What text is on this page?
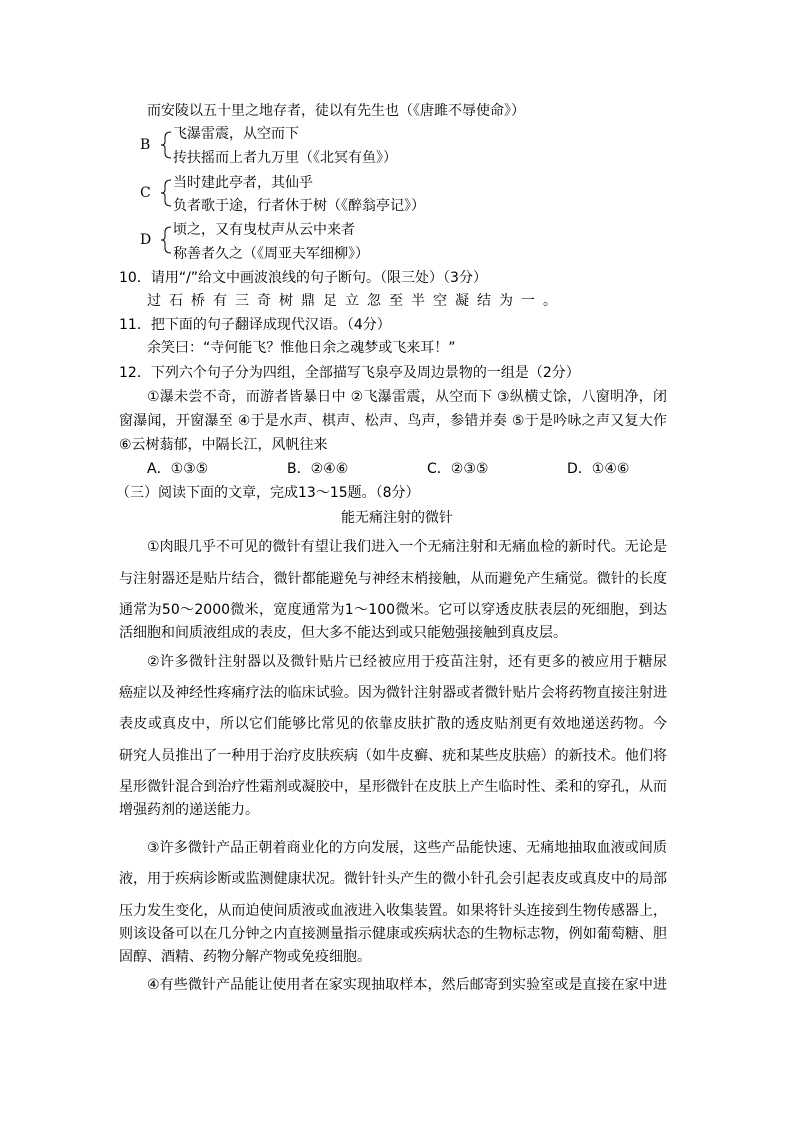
而安陵以五十里之地存者，徒以有先生也（《唐雎不辱使命》）
B
飞瀑雷震，从空而下
抟扶摇而上者九万里（《北冥有鱼》）
C
当时建此亭者，其仙乎
负者歌于途，行者休于树（《醉翁亭记》）
D
顷之，又有曳杖声从云中来者
称善者久之（《周亚夫军细柳》）
10．请用“/”给文中画波浪线的句子断句。（限三处）（3分）
过石桥有三奇树鼎足立忽至半空凝结为一。
11．把下面的句子翻译成现代汉语。（4分）
余笑曰：“寺何能飞？惟他日余之魂梦或飞来耳！”
12．下列六个句子分为四组，全部描写飞泉亭及周边景物的一组是（2分）
①瀑未尝不奇，而游者皆暴日中 ②飞瀑雷震，从空而下 ③纵横丈馀，八窗明净，闭
窗瀑闻，开窗瀑至 ④于是水声、棋声、松声、鸟声，参错并奏 ⑤于是吟咏之声又复大作
⑥云树蓊郁，中隔长江，风帆往来
A．①③⑤	B．②④⑥	C．②③⑤	D．①④⑥
（三）阅读下面的文章，完成13～15题。（8分）
能无痛注射的微针
①肉眼几乎不可见的微针有望让我们进入一个无痛注射和无痛血检的新时代。无论是
与注射器还是贴片结合，微针都能避免与神经末梢接触，从而避免产生痛觉。微针的长度
通常为50～2000微米，宽度通常为1～100微米。它可以穿透皮肤表层的死细胞，到达
活细胞和间质液组成的表皮，但大多不能达到或只能勉强接触到真皮层。
②许多微针注射器以及微针贴片已经被应用于疫苗注射，还有更多的被应用于糖尿
癌症以及神经性疼痛疗法的临床试验。因为微针注射器或者微针贴片会将药物直接注射进
表皮或真皮中，所以它们能够比常见的依靠皮肤扩散的透皮贴剂更有效地递送药物。今
研究人员推出了一种用于治疗皮肤疾病（如牛皮癣、疣和某些皮肤癌）的新技术。他们将
星形微针混合到治疗性霜剂或凝胶中，星形微针在皮肤上产生临时性、柔和的穿孔，从而
增强药剂的递送能力。
③许多微针产品正朝着商业化的方向发展，这些产品能快速、无痛地抽取血液或间质
液，用于疾病诊断或监测健康状况。微针针头产生的微小针孔会引起表皮或真皮中的局部
压力发生变化，从而迫使间质液或血液进入收集装置。如果将针头连接到生物传感器上，
则该设备可以在几分钟之内直接测量指示健康或疾病状态的生物标志物，例如葡萄糖、胆
固醇、酒精、药物分解产物或免疫细胞。
④有些微针产品能让使用者在家实现抽取样本，然后邮寄到实验室或是直接在家中进
